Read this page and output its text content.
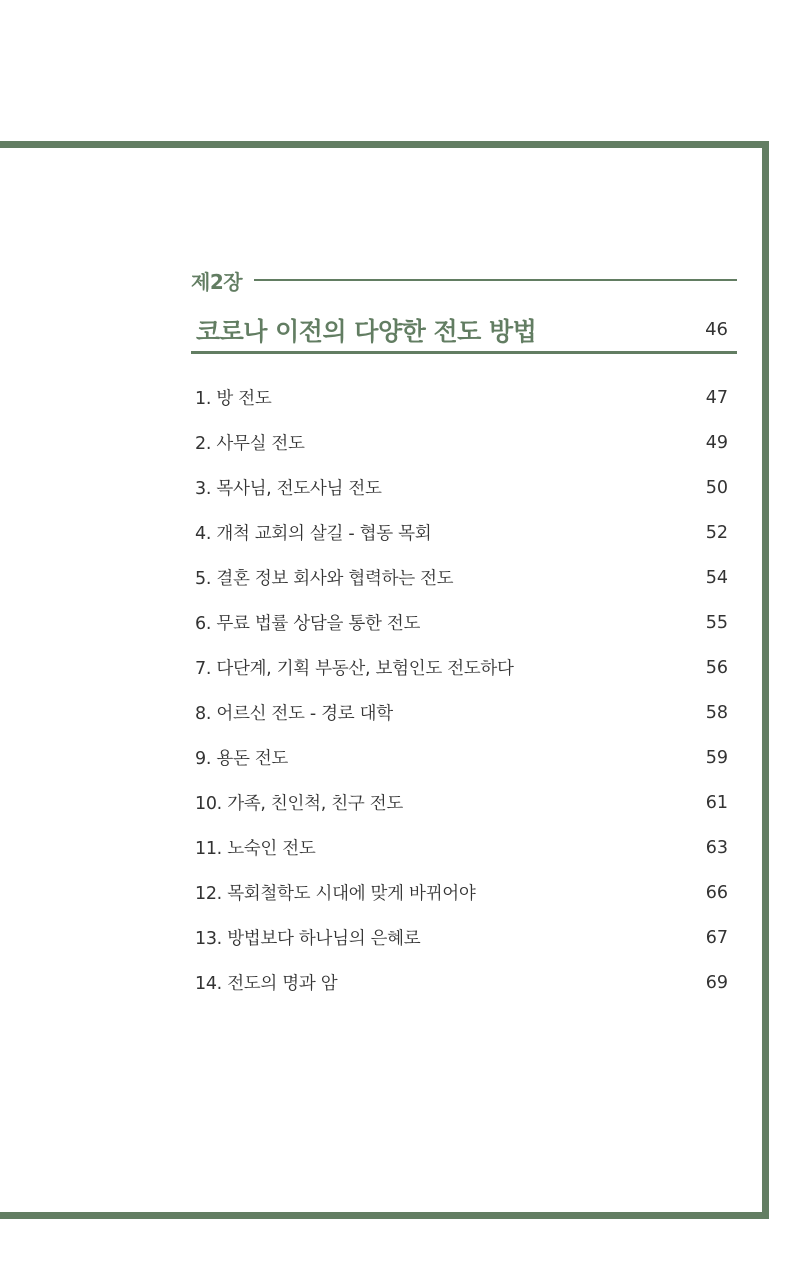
제2장
코로나 이전의 다양한 전도 방법	46
1. 방 전도	47
2. 사무실 전도	49
3. 목사님, 전도사님 전도	50
4. 개척 교회의 살길 - 협동 목회	52
5. 결혼 정보 회사와 협력하는 전도	54
6. 무료 법률 상담을 통한 전도	55
7. 다단계, 기획 부동산, 보험인도 전도하다	56
8. 어르신 전도 - 경로 대학	58
9. 용돈 전도	59
10. 가족, 친인척, 친구 전도	61
11. 노숙인 전도	63
12. 목회철학도 시대에 맞게 바뀌어야	66
13. 방법보다 하나님의 은혜로	67
14. 전도의 명과 암	69
